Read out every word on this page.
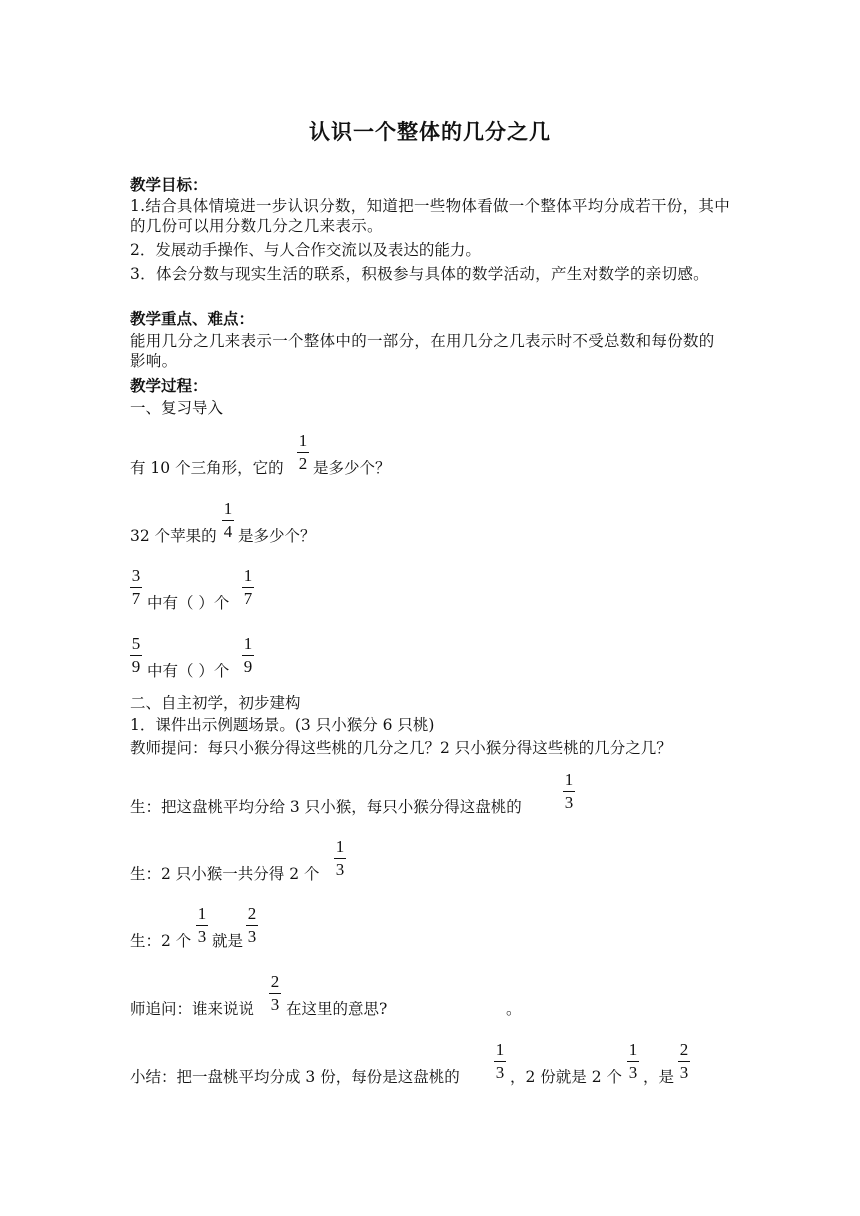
认识一个整体的几分之几
教学目标：
1.结合具体情境进一步认识分数，知道把一些物体看做一个整体平均分成若干份，其中的几份可以用分数几分之几来表示。
2．发展动手操作、与人合作交流以及表达的能力。
3．体会分数与现实生活的联系，积极参与具体的数学活动，产生对数学的亲切感。
教学重点、难点：
能用几分之几来表示一个整体中的一部分，在用几分之几表示时不受总数和每份数的影响。
教学过程：
一、复习导入
有 10 个三角形，它的
1
2 是多少个？
32 个苹果的
1
4 是多少个？
3
7 中有（ ）个
1
7
5
9 中有（ ）个
1
9
二、自主初学，初步建构
1．课件出示例题场景。(3 只小猴分 6 只桃)
教师提问：每只小猴分得这些桃的几分之几？2 只小猴分得这些桃的几分之几？
生：把这盘桃平均分给 3 只小猴，每只小猴分得这盘桃的
1
3
生：2 只小猴一共分得 2 个
1
3
生：2 个
1
3 就是
2
3
师追问：谁来说说
2
3 在这里的意思?	。
小结：把一盘桃平均分成 3 份，每份是这盘桃的
1
3 ，2 份就是 2 个
1
3 ，是
2
3
